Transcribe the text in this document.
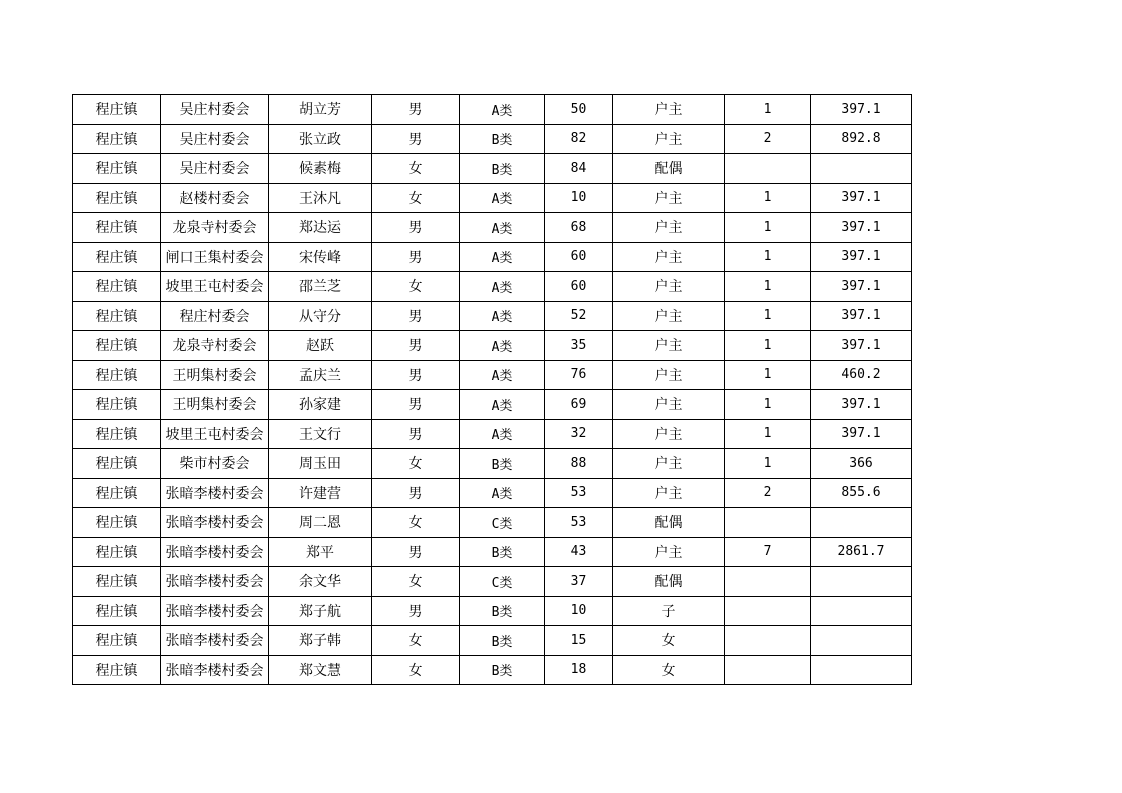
程庄镇	吴庄村委会	胡立芳	男	A类	50	户主	1	397.1
程庄镇	吴庄村委会	张立政	男	B类	82	户主	2	892.8
程庄镇	吴庄村委会	候素梅	女	B类	84	配偶		
程庄镇	赵楼村委会	王沐凡	女	A类	10	户主	1	397.1
程庄镇	龙泉寺村委会	郑达运	男	A类	68	户主	1	397.1
程庄镇	闸口王集村委会	宋传峰	男	A类	60	户主	1	397.1
程庄镇	坡里王屯村委会	邵兰芝	女	A类	60	户主	1	397.1
程庄镇	程庄村委会	从守分	男	A类	52	户主	1	397.1
程庄镇	龙泉寺村委会	赵跃	男	A类	35	户主	1	397.1
程庄镇	王明集村委会	孟庆兰	男	A类	76	户主	1	460.2
程庄镇	王明集村委会	孙家建	男	A类	69	户主	1	397.1
程庄镇	坡里王屯村委会	王文行	男	A类	32	户主	1	397.1
程庄镇	柴市村委会	周玉田	女	B类	88	户主	1	366
程庄镇	张暗李楼村委会	许建营	男	A类	53	户主	2	855.6
程庄镇	张暗李楼村委会	周二恩	女	C类	53	配偶		
程庄镇	张暗李楼村委会	郑平	男	B类	43	户主	7	2861.7
程庄镇	张暗李楼村委会	余文华	女	C类	37	配偶		
程庄镇	张暗李楼村委会	郑子航	男	B类	10	子		
程庄镇	张暗李楼村委会	郑子韩	女	B类	15	女		
程庄镇	张暗李楼村委会	郑文慧	女	B类	18	女		
